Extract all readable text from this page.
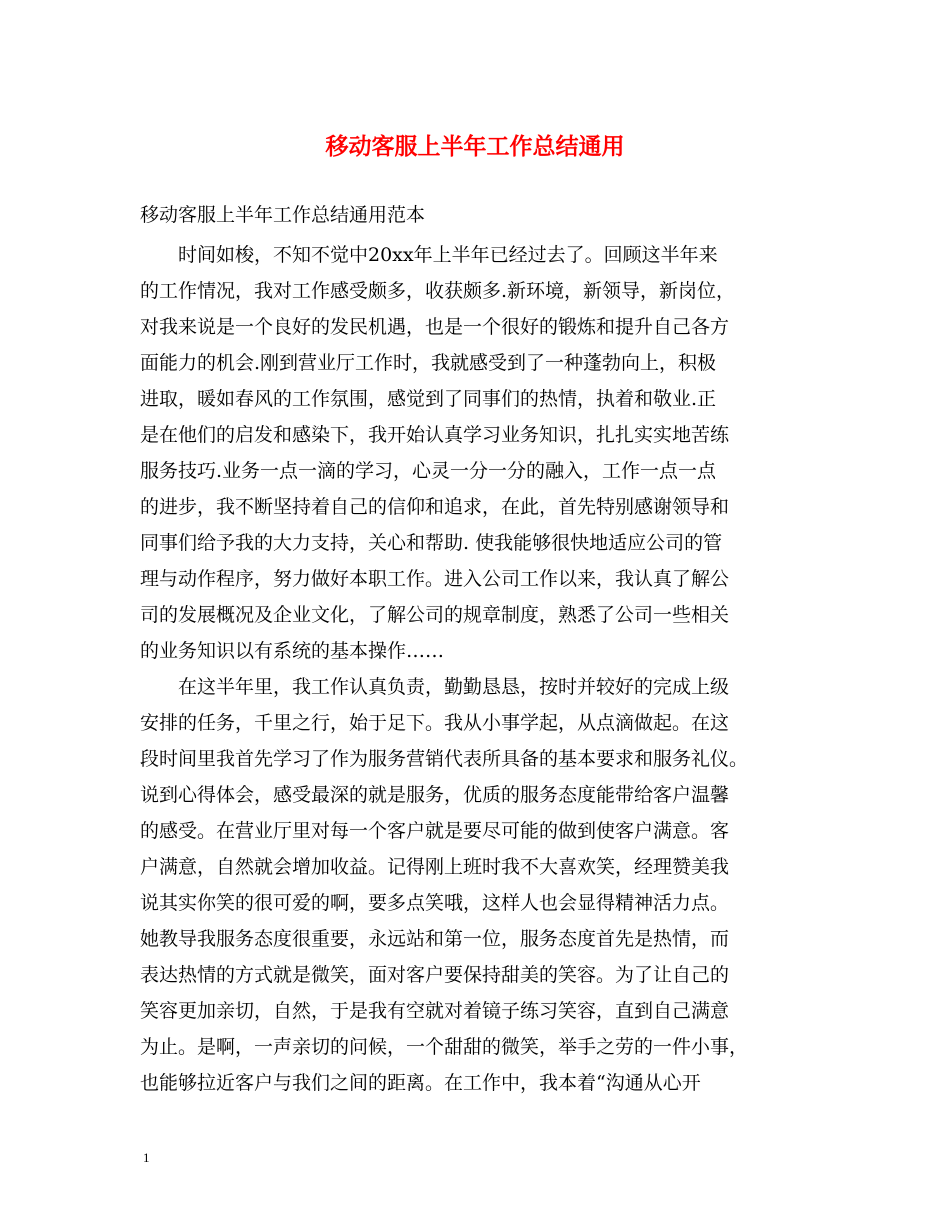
移动客服上半年工作总结通用
移动客服上半年工作总结通用范本
　　时间如梭，不知不觉中20xx年上半年已经过去了。回顾这半年来
的工作情况，我对工作感受颇多，收获颇多.新环境，新领导，新岗位，
对我来说是一个良好的发民机遇，也是一个很好的锻炼和提升自己各方
面能力的机会.刚到营业厅工作时，我就感受到了一种蓬勃向上，积极
进取，暖如春风的工作氛围，感觉到了同事们的热情，执着和敬业.正
是在他们的启发和感染下，我开始认真学习业务知识，扎扎实实地苦练
服务技巧.业务一点一滴的学习，心灵一分一分的融入，工作一点一点
的进步，我不断坚持着自己的信仰和追求，在此，首先特别感谢领导和
同事们给予我的大力支持，关心和帮助. 使我能够很快地适应公司的管
理与动作程序，努力做好本职工作。进入公司工作以来，我认真了解公
司的发展概况及企业文化，了解公司的规章制度，熟悉了公司一些相关
的业务知识以有系统的基本操作……
　　在这半年里，我工作认真负责，勤勤恳恳，按时并较好的完成上级
安排的任务，千里之行，始于足下。我从小事学起，从点滴做起。在这
段时间里我首先学习了作为服务营销代表所具备的基本要求和服务礼仪。
说到心得体会，感受最深的就是服务，优质的服务态度能带给客户温馨
的感受。在营业厅里对每一个客户就是要尽可能的做到使客户满意。客
户满意，自然就会增加收益。记得刚上班时我不大喜欢笑，经理赞美我
说其实你笑的很可爱的啊，要多点笑哦，这样人也会显得精神活力点。
她教导我服务态度很重要，永远站和第一位，服务态度首先是热情，而
表达热情的方式就是微笑，面对客户要保持甜美的笑容。为了让自己的
笑容更加亲切，自然，于是我有空就对着镜子练习笑容，直到自己满意
为止。是啊，一声亲切的问候，一个甜甜的微笑，举手之劳的一件小事，
也能够拉近客户与我们之间的距离。在工作中，我本着“沟通从心开
1
